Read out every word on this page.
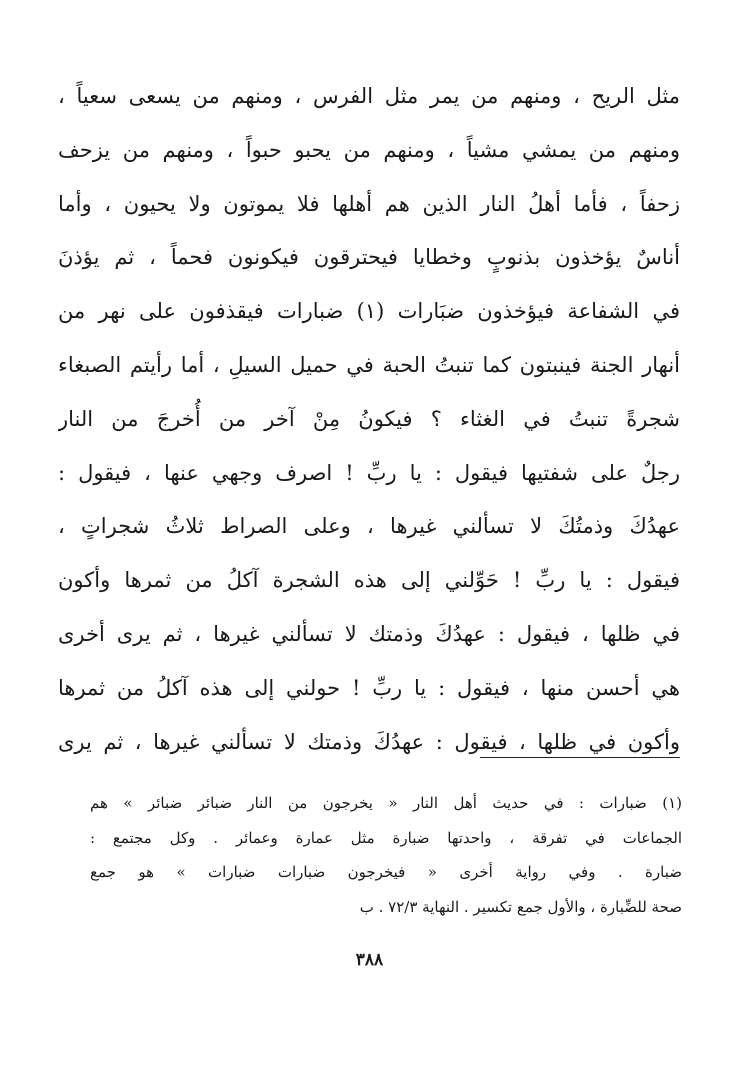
مثل الريح ، ومنهم من يمر مثل الفرس ، ومنهم من يسعى سعياً ،
ومنهم من يمشي مشياً ، ومنهم من يحبو حبواً ، ومنهم من يزحف
زحفاً ، فأما أهلُ النار الذين هم أهلها فلا يموتون ولا يحيون ، وأما
أناسٌ يؤخذون بذنوبٍ وخطايا فيحترقون فيكونون فحماً ، ثم يؤذنَ
في الشفاعة فيؤخذون ضبَارات (١) ضبارات فيقذفون على نهر من
أنهار الجنة فينبتون كما تنبتُ الحبة في حميل السيلِ ، أما رأيتم الصبغاء
شجرةً تنبتُ في الغثاء ؟ فيكونُ مِنْ آخر من أُخرجَ من النار
رجلٌ على شفتيها فيقول : يا ربِّ ! اصرف وجهي عنها ، فيقول :
عهدُكَ وذمتُكَ لا تسألني غيرها ، وعلى الصراط ثلاثُ شجراتٍ ،
فيقول : يا ربِّ ! حَوِّلني إلى هذه الشجرة آكلُ من ثمرها وأكون
في ظلها ، فيقول : عهدُكَ وذمتك لا تسألني غيرها ، ثم يرى أخرى
هي أحسن منها ، فيقول : يا ربِّ ! حولني إلى هذه آكلُ من ثمرها
وأكون في ظلها ، فيقول : عهدُكَ وذمتك لا تسألني غيرها ، ثم يرى
(١) ضبارات : في حديث أهل النار « يخرجون من النار ضبائر ضبائر » هم
الجماعات في تفرقة ، واحدتها ضبارة مثل عمارة وعمائر . وكل مجتمع :
ضبارة . وفي رواية أخرى « فيخرجون ضبارات ضبارات » هو جمع
صحة للضِّبارة ، والأول جمع تكسير . النهاية ٧٢/٣ . ب
٣٨٨
